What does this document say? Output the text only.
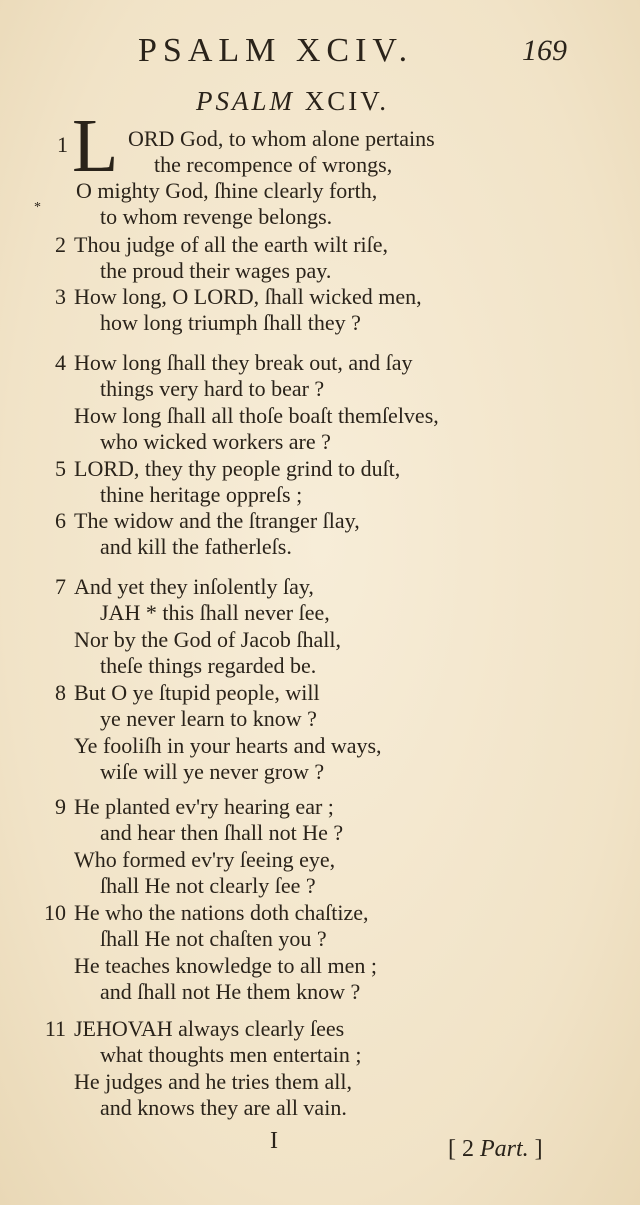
PSALM XCIV.	169
PSALM XCIV.
*
L
1	ORD God, to whom alone pertains
the recompence of wrongs,
O mighty God, ſhine clearly forth,
to whom revenge belongs.
2 Thou judge of all the earth wilt riſe,
the proud their wages pay.
3 How long, O LORD, ſhall wicked men,
how long triumph ſhall they ?
4 How long ſhall they break out, and ſay
things very hard to bear ?
How long ſhall all thoſe boaſt themſelves,
who wicked workers are ?
5 LORD, they thy people grind to duſt,
thine heritage oppreſs ;
6 The widow and the ſtranger ſlay,
and kill the fatherleſs.
7 And yet they inſolently ſay,
JAH * this ſhall never ſee,
Nor by the God of Jacob ſhall,
theſe things regarded be.
8 But O ye ſtupid people, will
ye never learn to know ?
Ye fooliſh in your hearts and ways,
wiſe will ye never grow ?
9 He planted ev'ry hearing ear ;
and hear then ſhall not He ?
Who formed ev'ry ſeeing eye,
ſhall He not clearly ſee ?
10 He who the nations doth chaſtize,
ſhall He not chaſten you ?
He teaches knowledge to all men ;
and ſhall not He them know ?
11 JEHOVAH always clearly ſees
what thoughts men entertain ;
He judges and he tries them all,
and knows they are all vain.
I	[ 2 Part. ]
